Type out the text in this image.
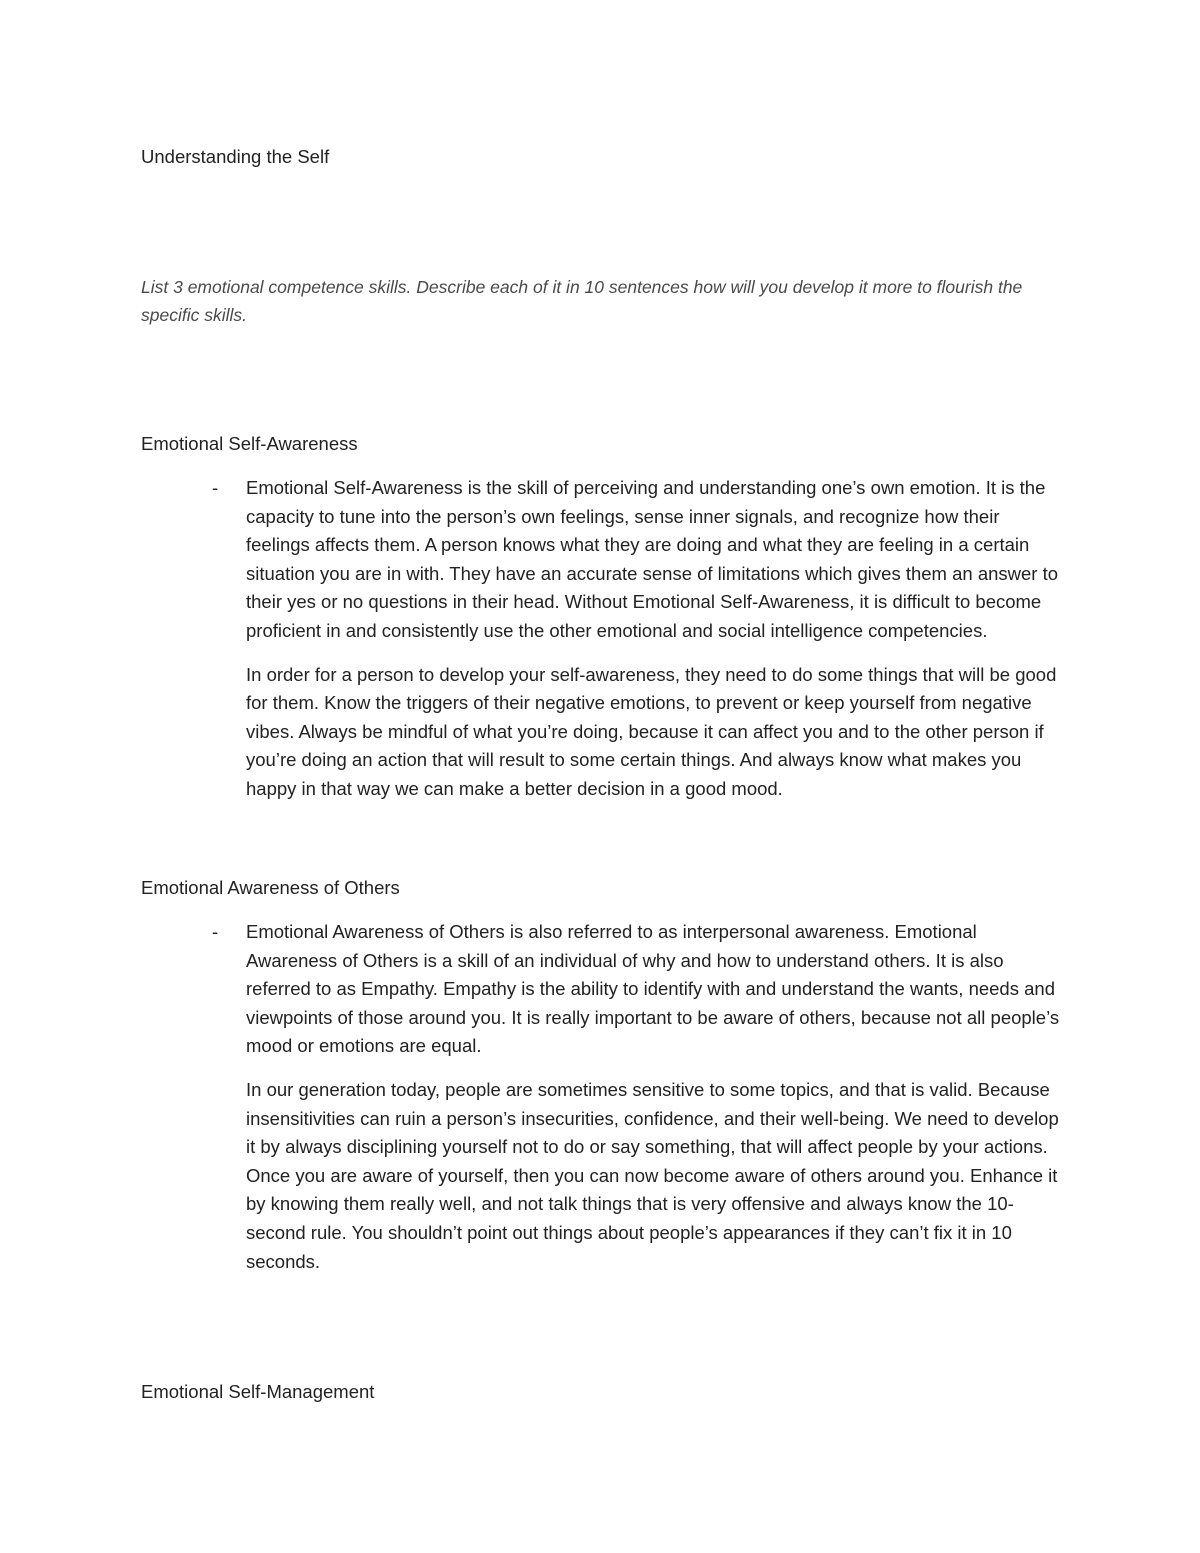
Understanding the Self

List 3 emotional competence skills. Describe each of it in 10 sentences how will you develop it more to flourish the specific skills.

Emotional Self-Awareness
- Emotional Self-Awareness is the skill of perceiving and understanding one’s own emotion. It is the capacity to tune into the person’s own feelings, sense inner signals, and recognize how their feelings affects them. A person knows what they are doing and what they are feeling in a certain situation you are in with. They have an accurate sense of limitations which gives them an answer to their yes or no questions in their head. Without Emotional Self-Awareness, it is difficult to become proficient in and consistently use the other emotional and social intelligence competencies.

In order for a person to develop your self-awareness, they need to do some things that will be good for them. Know the triggers of their negative emotions, to prevent or keep yourself from negative vibes. Always be mindful of what you’re doing, because it can affect you and to the other person if you’re doing an action that will result to some certain things. And always know what makes you happy in that way we can make a better decision in a good mood.

Emotional Awareness of Others
- Emotional Awareness of Others is also referred to as interpersonal awareness. Emotional Awareness of Others is a skill of an individual of why and how to understand others. It is also referred to as Empathy. Empathy is the ability to identify with and understand the wants, needs and viewpoints of those around you. It is really important to be aware of others, because not all people’s mood or emotions are equal.

In our generation today, people are sometimes sensitive to some topics, and that is valid. Because insensitivities can ruin a person’s insecurities, confidence, and their well-being. We need to develop it by always disciplining yourself not to do or say something, that will affect people by your actions. Once you are aware of yourself, then you can now become aware of others around you. Enhance it by knowing them really well, and not talk things that is very offensive and always know the 10-second rule. You shouldn’t point out things about people’s appearances if they can’t fix it in 10 seconds.

Emotional Self-Management
